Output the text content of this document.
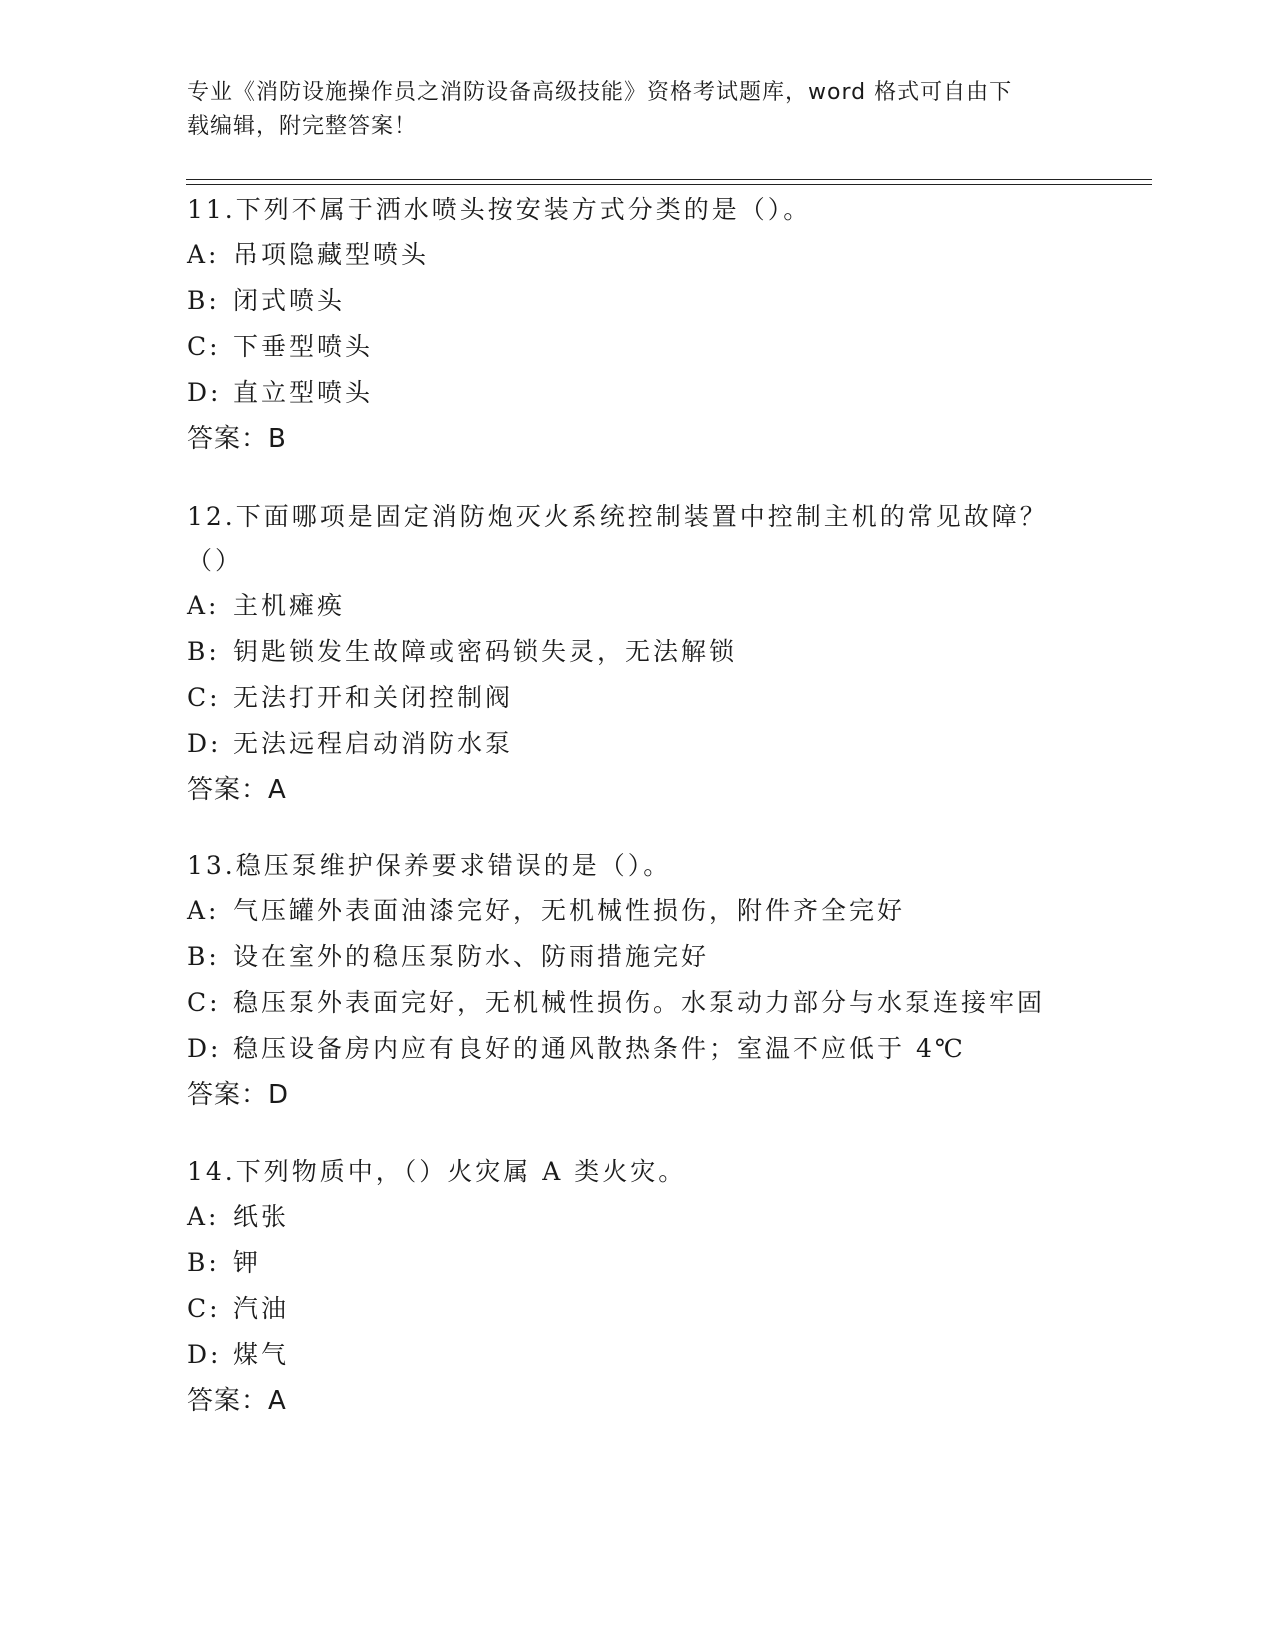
专业《消防设施操作员之消防设备高级技能》资格考试题库，word 格式可自由下
载编辑，附完整答案！

11.下列不属于洒水喷头按安装方式分类的是（）。

A: 吊项隐藏型喷头
B: 闭式喷头
C: 下垂型喷头
D: 直立型喷头
答案：B

12.下面哪项是固定消防炮灭火系统控制装置中控制主机的常见故障？（）

A: 主机瘫痪
B: 钥匙锁发生故障或密码锁失灵，无法解锁
C: 无法打开和关闭控制阀
D: 无法远程启动消防水泵
答案：A

13.稳压泵维护保养要求错误的是（）。

A: 气压罐外表面油漆完好，无机械性损伤，附件齐全完好
B: 设在室外的稳压泵防水、防雨措施完好
C: 稳压泵外表面完好，无机械性损伤。水泵动力部分与水泵连接牢固
D: 稳压设备房内应有良好的通风散热条件；室温不应低于 4℃
答案：D

14.下列物质中，（）火灾属 A 类火灾。

A: 纸张
B: 钾
C: 汽油
D: 煤气
答案：A
